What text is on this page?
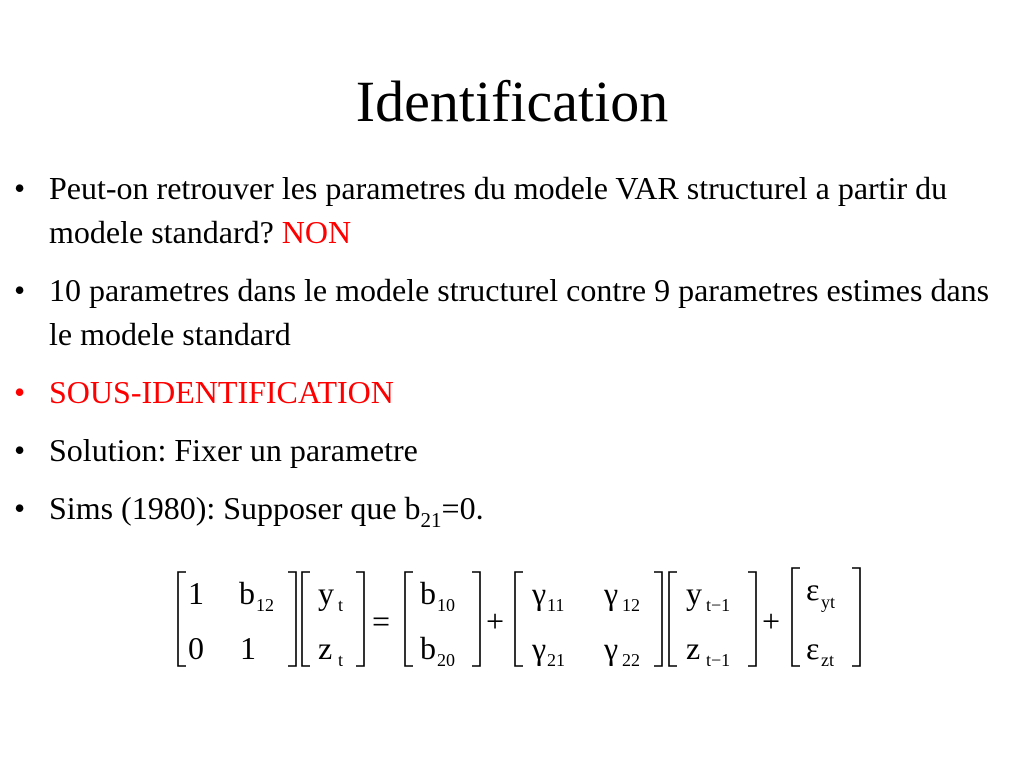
Identification
• Peut-on retrouver les parametres du modele VAR structurel a partir du modele standard? NON
• 10 parametres dans le modele structurel contre 9 parametres estimes dans le modele standard
• SOUS-IDENTIFICATION
• Solution: Fixer un parametre
• Sims (1980): Supposer que $b_{21}=0$.
1 b 12
0 1
y t
z t
=
b 10
b 20
+
γ 11 γ 12
γ 21 γ 22
y t−1
z t−1
+
ε yt
ε zt
